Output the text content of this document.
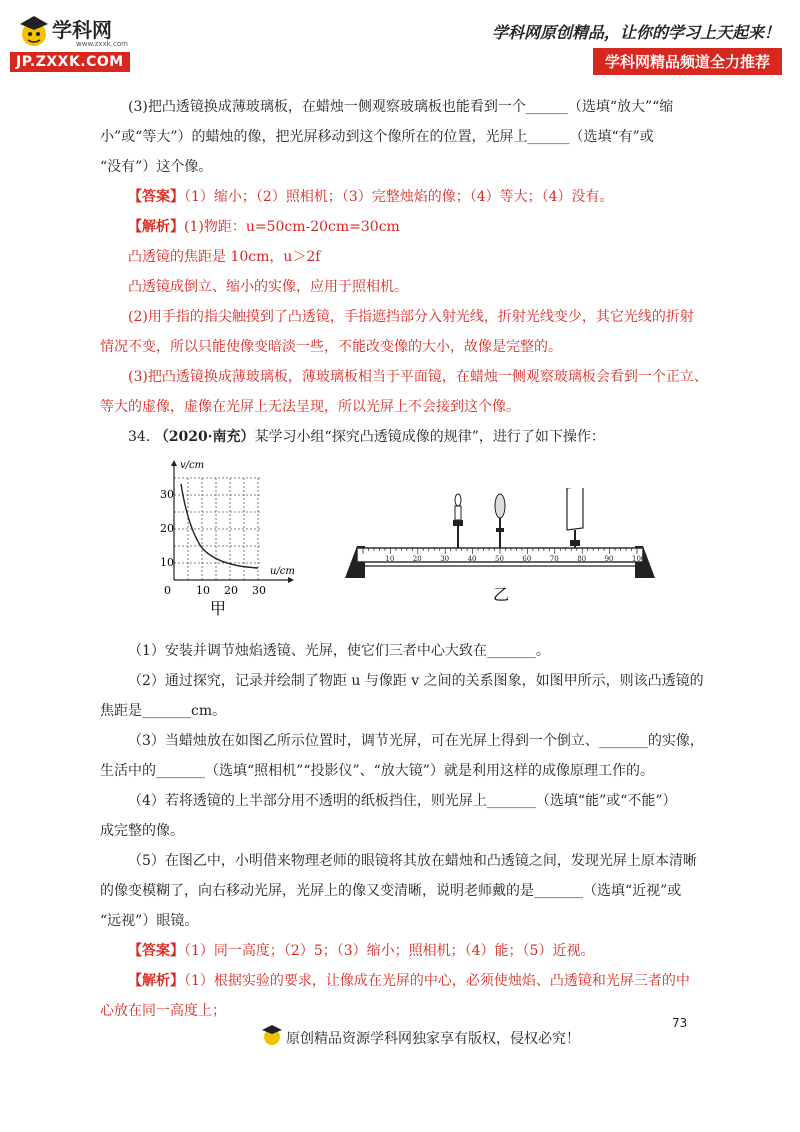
学科网
www.zxxk.com
JP.ZXXK.COM
学科网原创精品，让你的学习上天起来！
学科网精品频道全力推荐

(3)把凸透镜换成薄玻璃板，在蜡烛一侧观察玻璃板也能看到一个______（选填“放大”“缩

小”或“等大”）的蜡烛的像，把光屏移动到这个像所在的位置，光屏上______（选填“有”或

“没有”）这个像。

【答案】（1）缩小；（2）照相机；（3）完整烛焰的像；（4）等大；（4）没有。

【解析】(1)物距：u=50cm-20cm=30cm

凸透镜的焦距是 10cm，u＞2f

凸透镜成倒立、缩小的实像，应用于照相机。

(2)用手指的指尖触摸到了凸透镜，手指遮挡部分入射光线，折射光线变少，其它光线的折射

情况不变，所以只能使像变暗淡一些，不能改变像的大小，故像是完整的。

(3)把凸透镜换成薄玻璃板，薄玻璃板相当于平面镜，在蜡烛一侧观察玻璃板会看到一个正立、

等大的虚像，虚像在光屏上无法呈现，所以光屏上不会接到这个像。

34. （2020·南充）某学习小组“探究凸透镜成像的规律”，进行了如下操作：

v/cm
u/cm
10
20
30
0 10 20 30
甲
10	20	30	40	50	60	70	80	90	100
乙

（1）安装并调节烛焰透镜、光屏，使它们三者中心大致在_______。

（2）通过探究，记录并绘制了物距 u 与像距 v 之间的关系图象，如图甲所示，则该凸透镜的

焦距是_______cm。

（3）当蜡烛放在如图乙所示位置时，调节光屏，可在光屏上得到一个倒立、_______的实像，

生活中的_______（选填“照相机”“投影仪”、“放大镜”）就是利用这样的成像原理工作的。

（4）若将透镜的上半部分用不透明的纸板挡住，则光屏上_______（选填“能”或“不能”）

成完整的像。

（5）在图乙中，小明借来物理老师的眼镜将其放在蜡烛和凸透镜之间，发现光屏上原本清晰

的像变模糊了，向右移动光屏，光屏上的像又变清晰，说明老师戴的是_______（选填“近视”或

“远视”）眼镜。

【答案】（1）同一高度；（2）5；（3）缩小；照相机；（4）能；（5）近视。

【解析】（1）根据实验的要求，让像成在光屏的中心，必须使烛焰、凸透镜和光屏三者的中

心放在同一高度上；

73
原创精品资源学科网独家享有版权，侵权必究！
